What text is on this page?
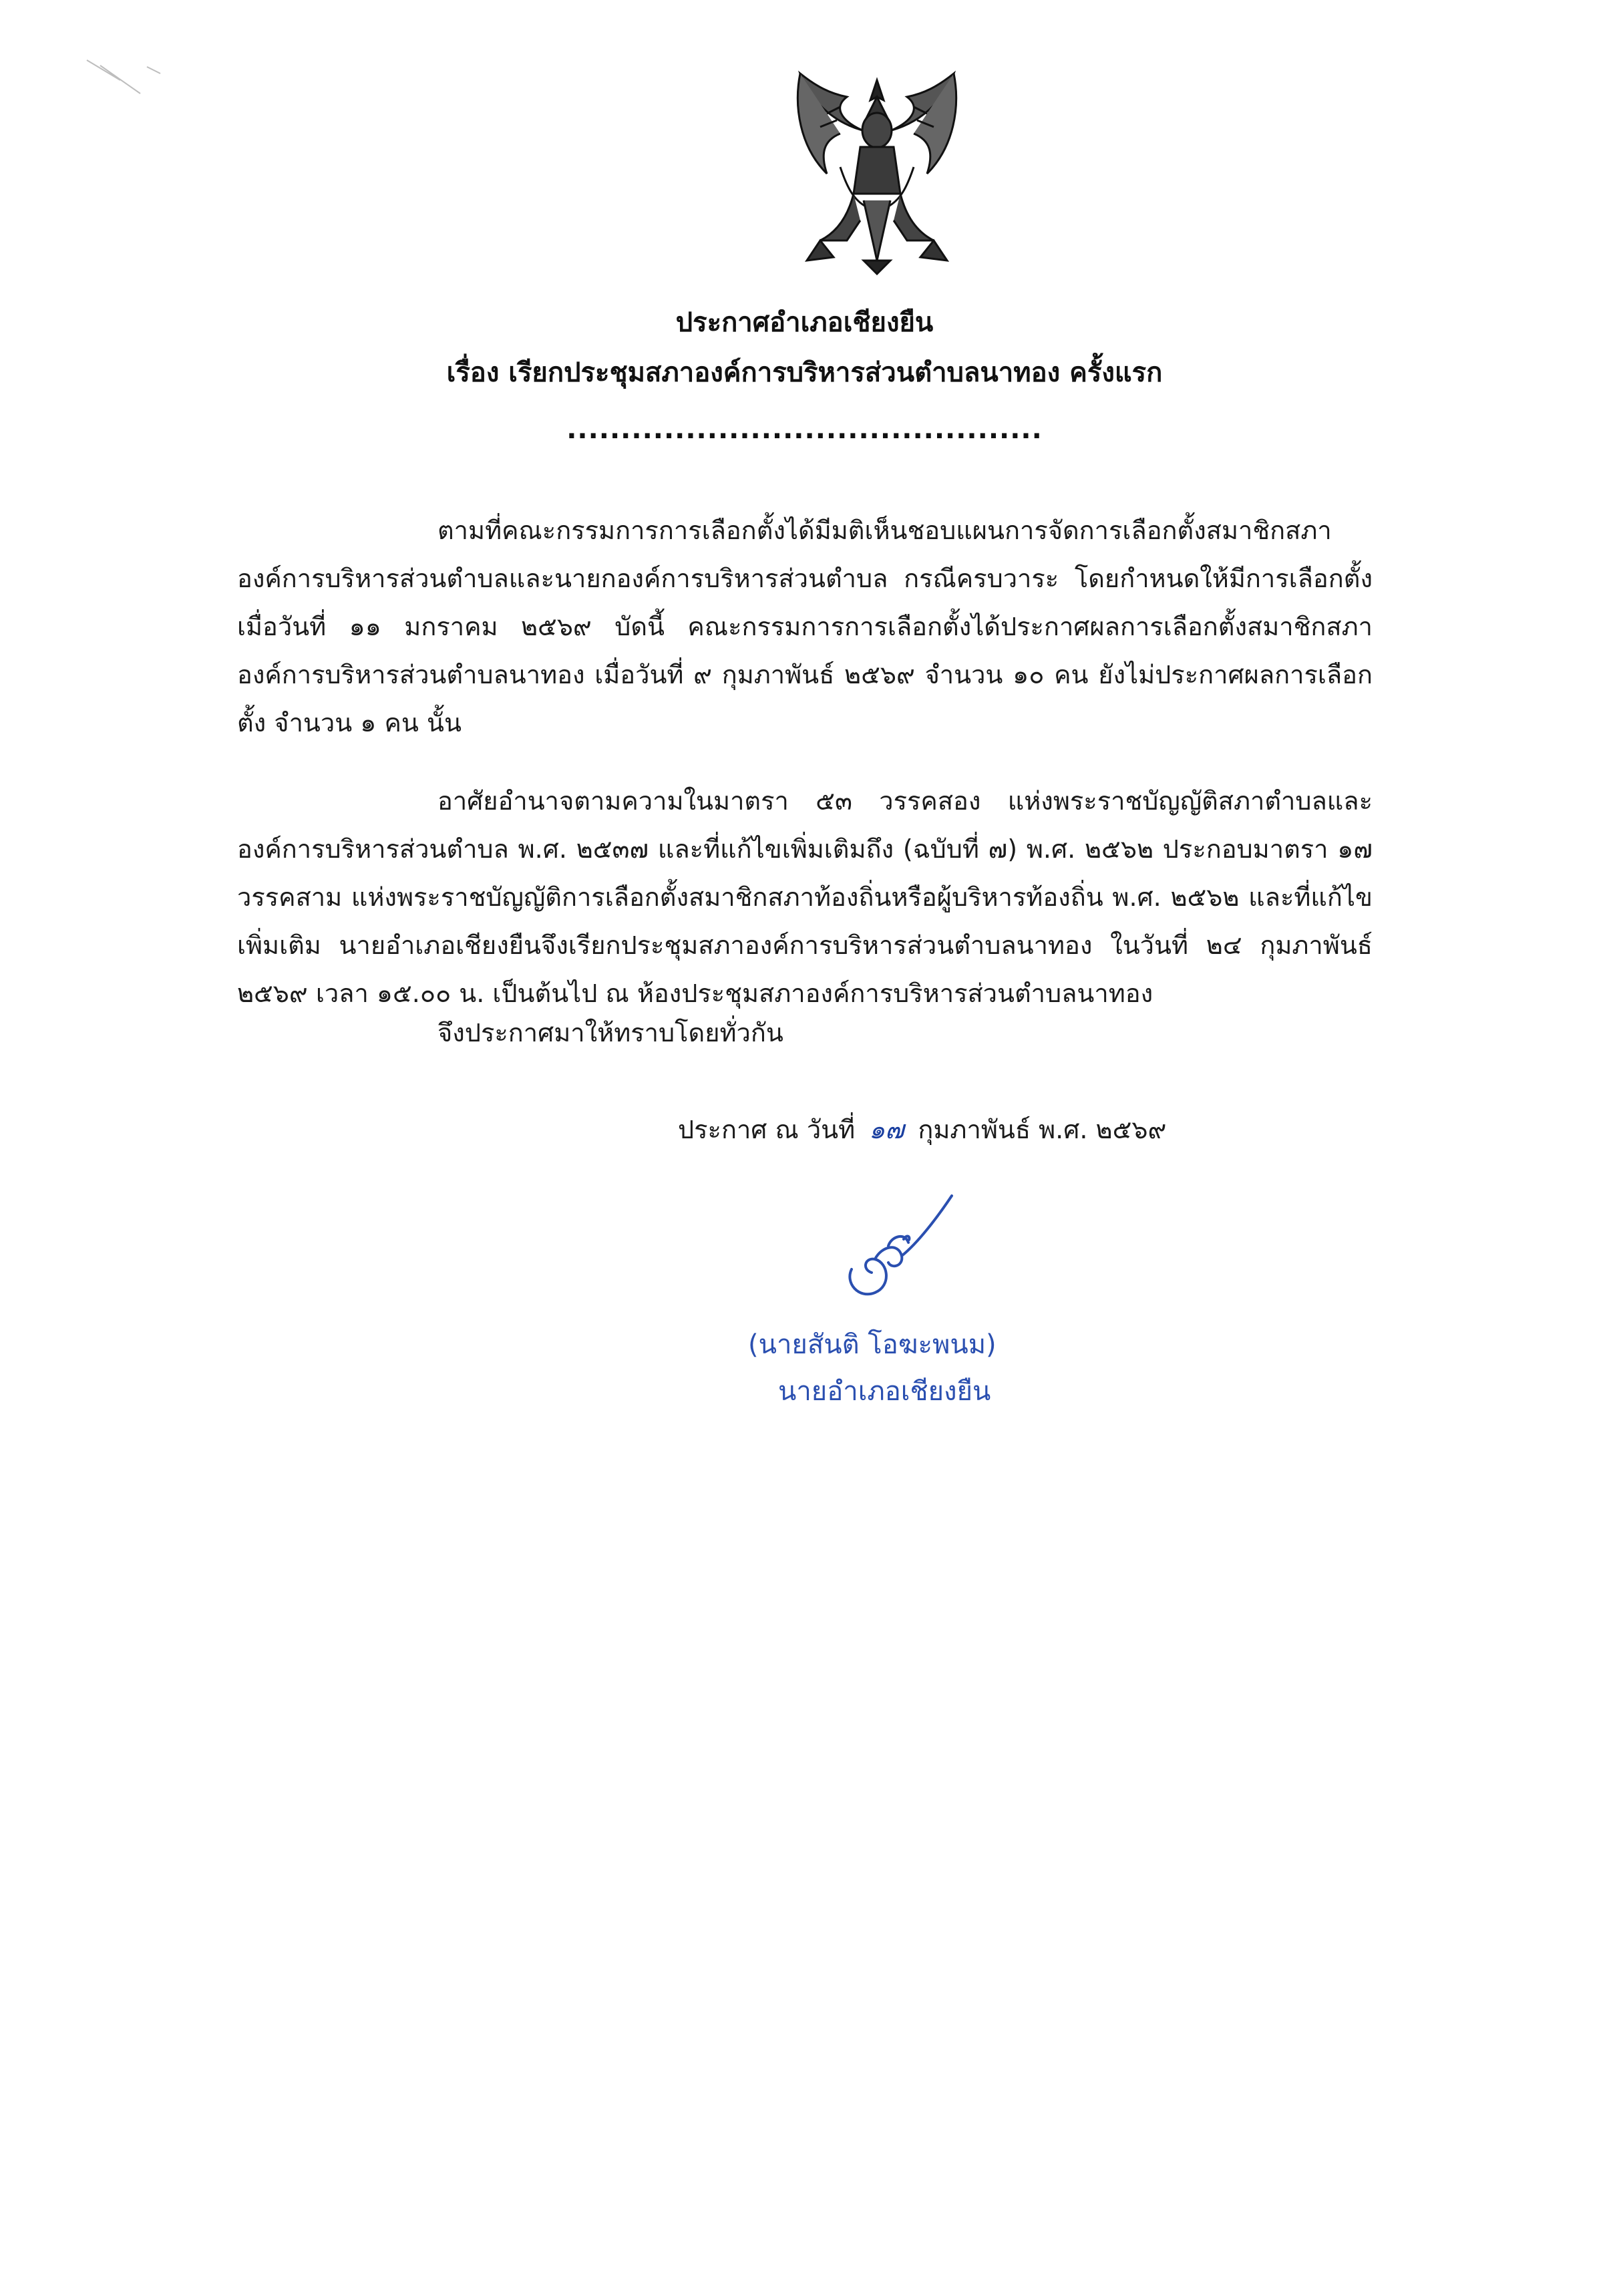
ประกาศอำเภอเชียงยืน
เรื่อง เรียกประชุมสภาองค์การบริหารส่วนตำบลนาทอง ครั้งแรก
............................................

ตามที่คณะกรรมการการเลือกตั้งได้มีมติเห็นชอบแผนการจัดการเลือกตั้งสมาชิกสภาองค์การบริหารส่วนตำบลและนายกองค์การบริหารส่วนตำบล กรณีครบวาระ โดยกำหนดให้มีการเลือกตั้งเมื่อวันที่ ๑๑ มกราคม ๒๕๖๙ บัดนี้ คณะกรรมการการเลือกตั้งได้ประกาศผลการเลือกตั้งสมาชิกสภาองค์การบริหารส่วนตำบลนาทอง เมื่อวันที่ ๙ กุมภาพันธ์ ๒๕๖๙ จำนวน ๑๐ คน ยังไม่ประกาศผลการเลือกตั้ง จำนวน ๑ คน นั้น

อาศัยอำนาจตามความในมาตรา ๕๓ วรรคสอง แห่งพระราชบัญญัติสภาตำบลและองค์การบริหารส่วนตำบล พ.ศ. ๒๕๓๗ และที่แก้ไขเพิ่มเติมถึง (ฉบับที่ ๗) พ.ศ. ๒๕๖๒ ประกอบมาตรา ๑๗ วรรคสาม แห่งพระราชบัญญัติการเลือกตั้งสมาชิกสภาท้องถิ่นหรือผู้บริหารท้องถิ่น พ.ศ. ๒๕๖๒ และที่แก้ไขเพิ่มเติม นายอำเภอเชียงยืนจึงเรียกประชุมสภาองค์การบริหารส่วนตำบลนาทอง ในวันที่ ๒๔ กุมภาพันธ์ ๒๕๖๙ เวลา ๑๕.๐๐ น. เป็นต้นไป ณ ห้องประชุมสภาองค์การบริหารส่วนตำบลนาทอง

จึงประกาศมาให้ทราบโดยทั่วกัน
ประกาศ ณ วันที่ ๑๗ กุมภาพันธ์ พ.ศ. ๒๕๖๙
(นายสันติ โอฆะพนม)
นายอำเภอเชียงยืน
